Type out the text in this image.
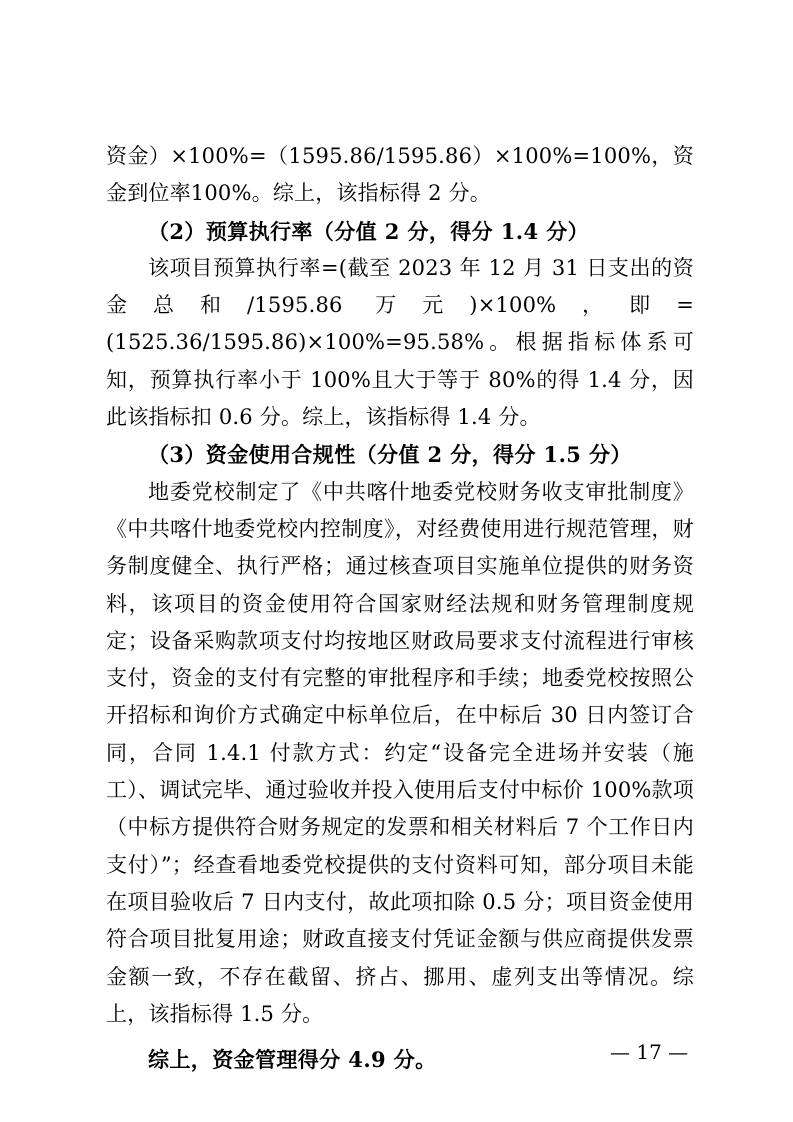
资金）×100%=（1595.86/1595.86）×100%=100%，资金到位率100%。综上，该指标得 2 分。

（2）预算执行率（分值 2 分，得分 1.4 分）

该项目预算执行率=(截至 2023 年 12 月 31 日支出的资金总和/1595.86 万元)×100%，即=(1525.36/1595.86)×100%=95.58%。根据指标体系可知，预算执行率小于 100%且大于等于 80%的得 1.4 分，因此该指标扣 0.6 分。综上，该指标得 1.4 分。

（3）资金使用合规性（分值 2 分，得分 1.5 分）

地委党校制定了《中共喀什地委党校财务收支审批制度》《中共喀什地委党校内控制度》，对经费使用进行规范管理，财务制度健全、执行严格；通过核查项目实施单位提供的财务资料，该项目的资金使用符合国家财经法规和财务管理制度规定；设备采购款项支付均按地区财政局要求支付流程进行审核支付，资金的支付有完整的审批程序和手续；地委党校按照公开招标和询价方式确定中标单位后，在中标后 30 日内签订合同，合同 1.4.1 付款方式：约定“设备完全进场并安装（施工）、调试完毕、通过验收并投入使用后支付中标价 100%款项（中标方提供符合财务规定的发票和相关材料后 7 个工作日内支付）”；经查看地委党校提供的支付资料可知，部分项目未能在项目验收后 7 日内支付，故此项扣除 0.5 分；项目资金使用符合项目批复用途；财政直接支付凭证金额与供应商提供发票金额一致，不存在截留、挤占、挪用、虚列支出等情况。综上，该指标得 1.5 分。

综上，资金管理得分 4.9 分。	— 17 —
